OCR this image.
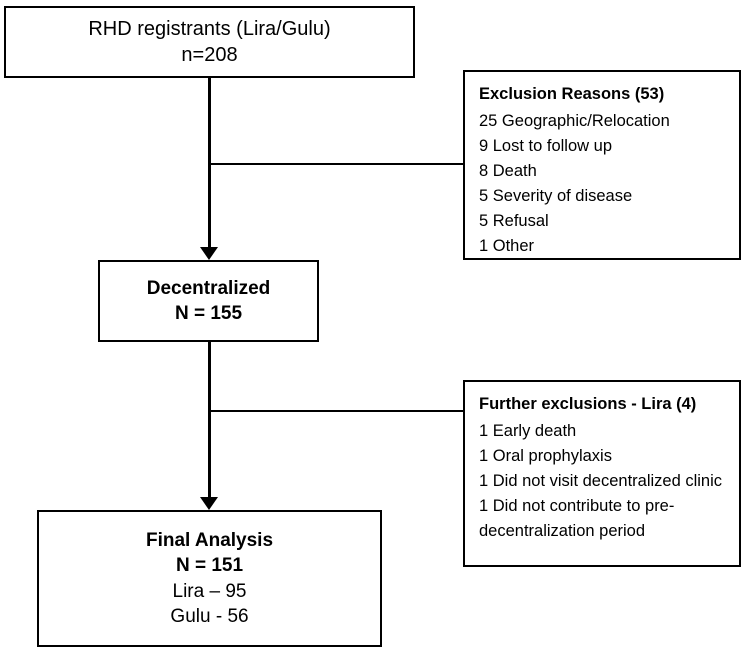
RHD registrants (Lira/Gulu)
n=208
Exclusion Reasons (53)
25 Geographic/Relocation
9 Lost to follow up
8 Death
5 Severity of disease
5 Refusal
1 Other
Decentralized
N = 155
Further exclusions - Lira (4)
1 Early death
1 Oral prophylaxis
1 Did not visit decentralized clinic
1 Did not contribute to pre-decentralization period
Final Analysis
N = 151
Lira – 95
Gulu - 56
